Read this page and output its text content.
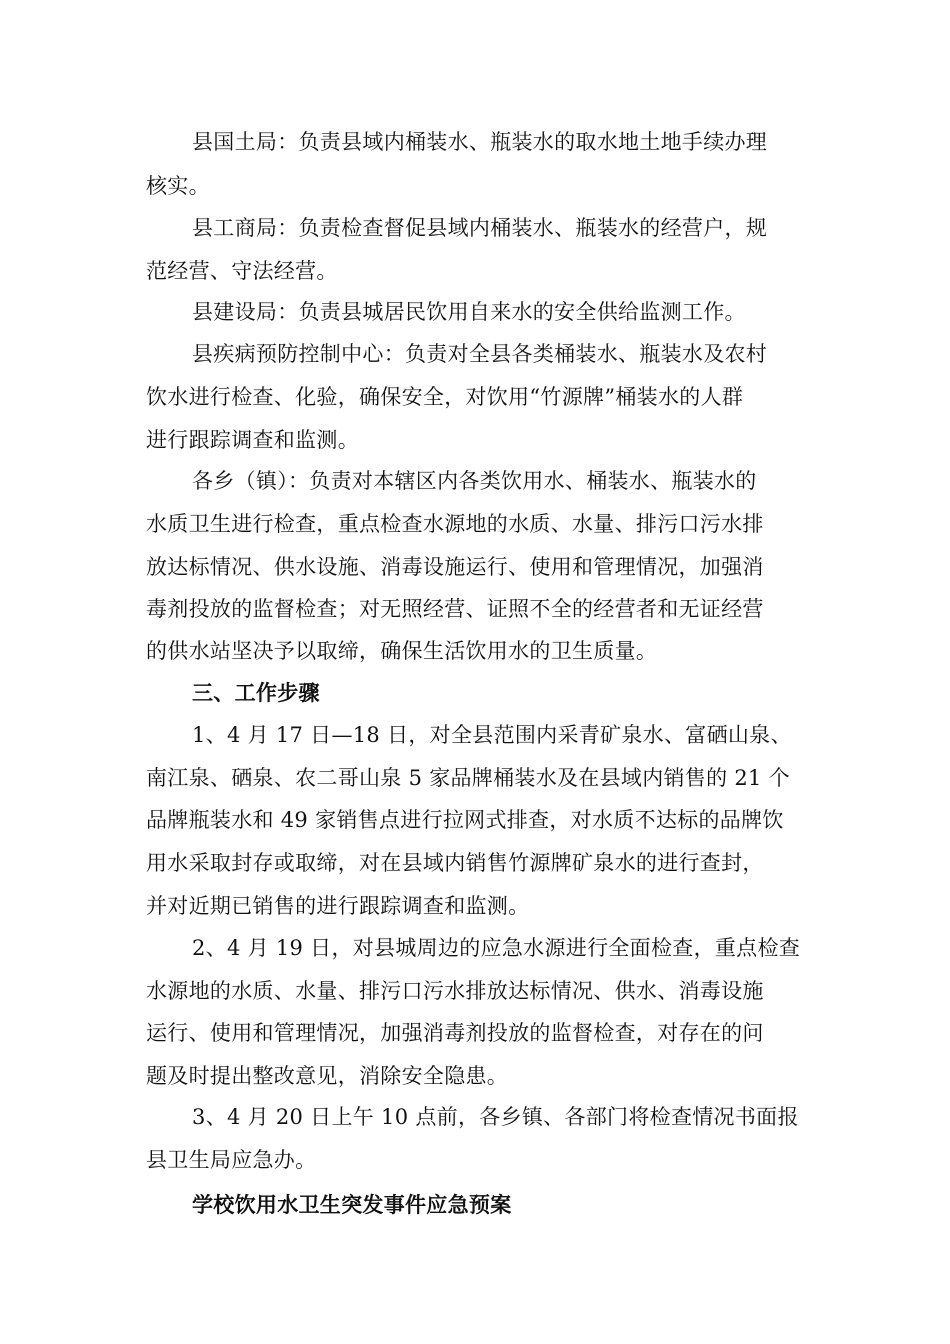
县国土局：负责县域内桶装水、瓶装水的取水地土地手续办理
核实。
县工商局：负责检查督促县域内桶装水、瓶装水的经营户，规
范经营、守法经营。
县建设局：负责县城居民饮用自来水的安全供给监测工作。
县疾病预防控制中心：负责对全县各类桶装水、瓶装水及农村
饮水进行检查、化验，确保安全，对饮用“竹源牌”桶装水的人群
进行跟踪调查和监测。
各乡（镇）：负责对本辖区内各类饮用水、桶装水、瓶装水的
水质卫生进行检查，重点检查水源地的水质、水量、排污口污水排
放达标情况、供水设施、消毒设施运行、使用和管理情况，加强消
毒剂投放的监督检查；对无照经营、证照不全的经营者和无证经营
的供水站坚决予以取缔，确保生活饮用水的卫生质量。
三、工作步骤
1、4 月 17 日—18 日，对全县范围内采青矿泉水、富硒山泉、
南江泉、硒泉、农二哥山泉 5 家品牌桶装水及在县域内销售的 21 个
品牌瓶装水和 49 家销售点进行拉网式排查，对水质不达标的品牌饮
用水采取封存或取缔，对在县域内销售竹源牌矿泉水的进行查封，
并对近期已销售的进行跟踪调查和监测。
2、4 月 19 日，对县城周边的应急水源进行全面检查，重点检查
水源地的水质、水量、排污口污水排放达标情况、供水、消毒设施
运行、使用和管理情况，加强消毒剂投放的监督检查，对存在的问
题及时提出整改意见，消除安全隐患。
3、4 月 20 日上午 10 点前，各乡镇、各部门将检查情况书面报
县卫生局应急办。
学校饮用水卫生突发事件应急预案
